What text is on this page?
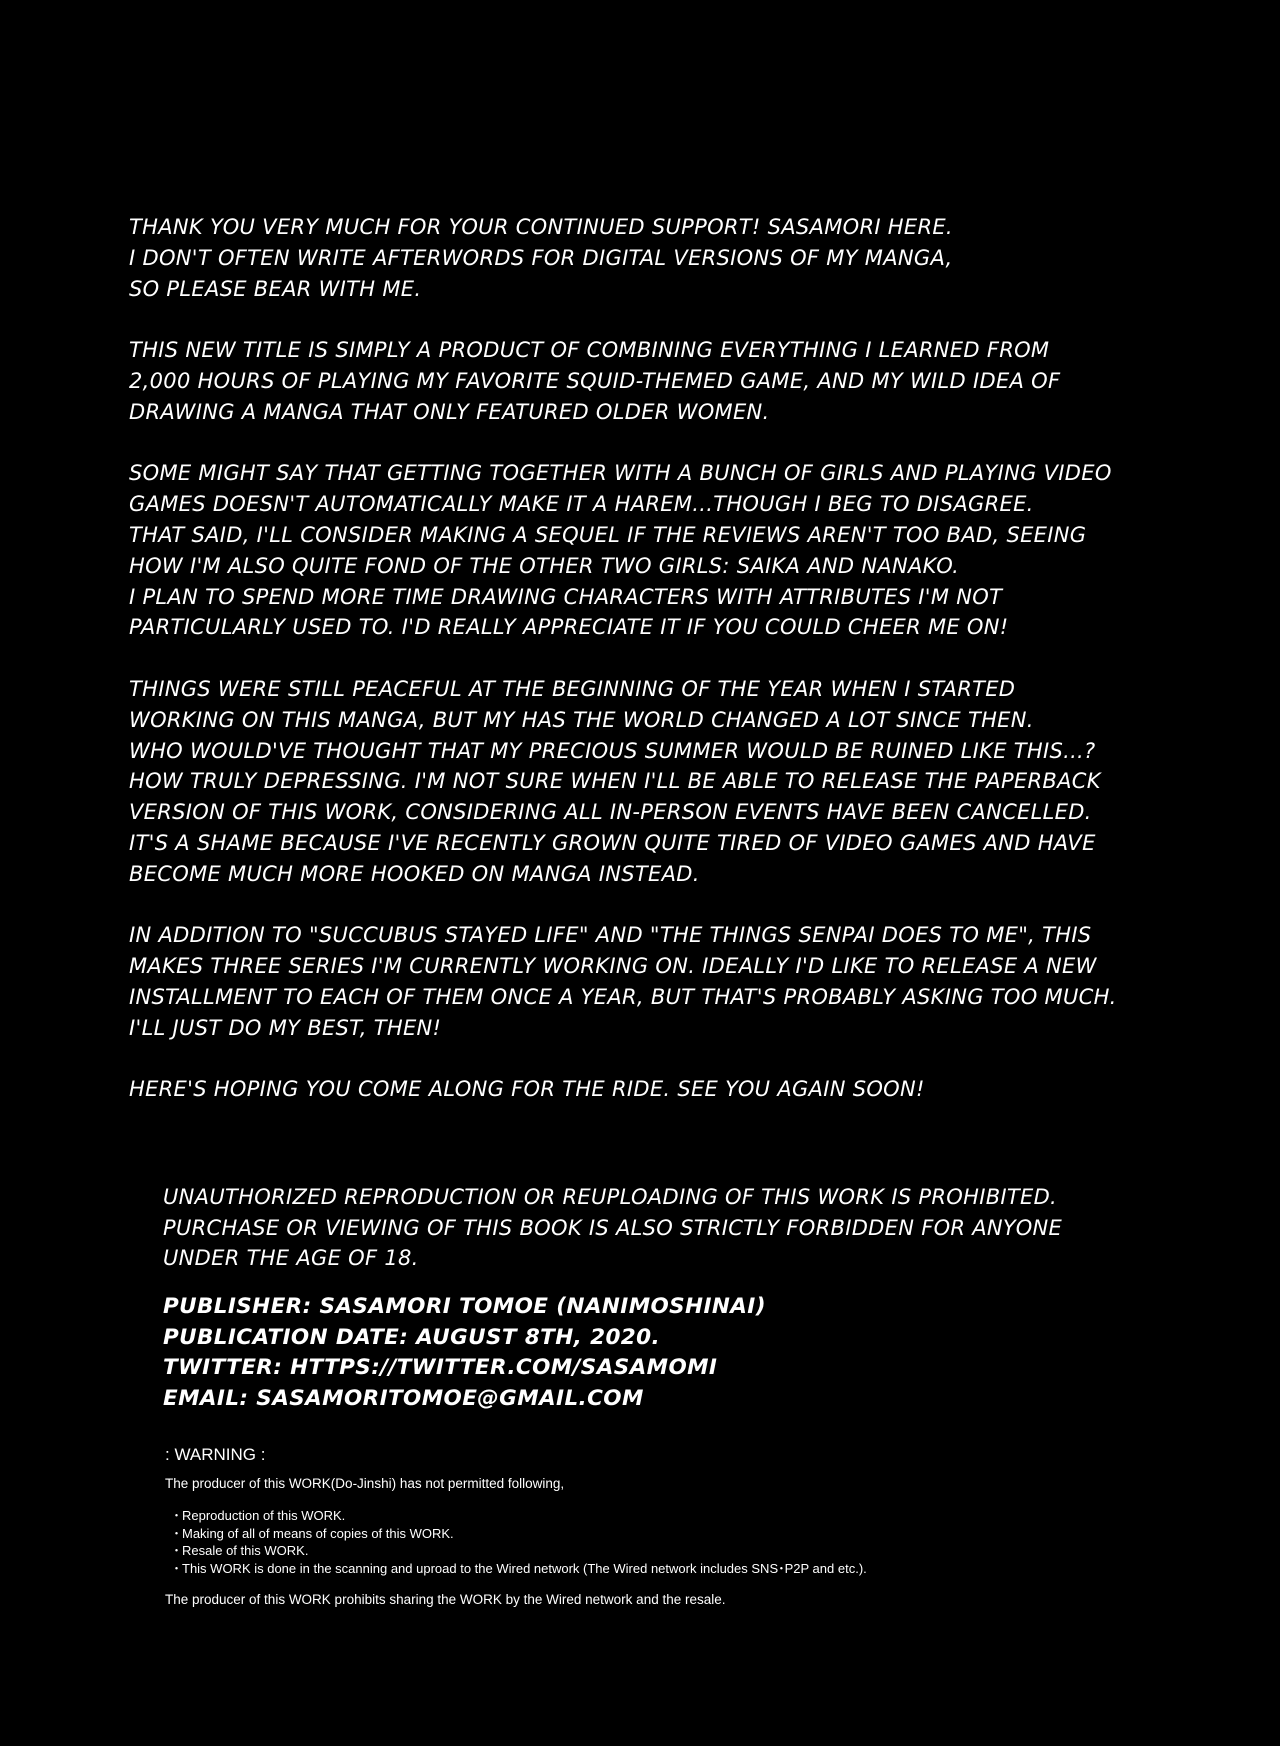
THANK YOU VERY MUCH FOR YOUR CONTINUED SUPPORT! SASAMORI HERE.
I DON'T OFTEN WRITE AFTERWORDS FOR DIGITAL VERSIONS OF MY MANGA,
SO PLEASE BEAR WITH ME.
THIS NEW TITLE IS SIMPLY A PRODUCT OF COMBINING EVERYTHING I LEARNED FROM
2,000 HOURS OF PLAYING MY FAVORITE SQUID-THEMED GAME, AND MY WILD IDEA OF
DRAWING A MANGA THAT ONLY FEATURED OLDER WOMEN.
SOME MIGHT SAY THAT GETTING TOGETHER WITH A BUNCH OF GIRLS AND PLAYING VIDEO
GAMES DOESN'T AUTOMATICALLY MAKE IT A HAREM...THOUGH I BEG TO DISAGREE.
THAT SAID, I'LL CONSIDER MAKING A SEQUEL IF THE REVIEWS AREN'T TOO BAD, SEEING
HOW I'M ALSO QUITE FOND OF THE OTHER TWO GIRLS: SAIKA AND NANAKO.
I PLAN TO SPEND MORE TIME DRAWING CHARACTERS WITH ATTRIBUTES I'M NOT
PARTICULARLY USED TO. I'D REALLY APPRECIATE IT IF YOU COULD CHEER ME ON!
THINGS WERE STILL PEACEFUL AT THE BEGINNING OF THE YEAR WHEN I STARTED
WORKING ON THIS MANGA, BUT MY HAS THE WORLD CHANGED A LOT SINCE THEN.
WHO WOULD'VE THOUGHT THAT MY PRECIOUS SUMMER WOULD BE RUINED LIKE THIS...?
HOW TRULY DEPRESSING. I'M NOT SURE WHEN I'LL BE ABLE TO RELEASE THE PAPERBACK
VERSION OF THIS WORK, CONSIDERING ALL IN-PERSON EVENTS HAVE BEEN CANCELLED.
IT'S A SHAME BECAUSE I'VE RECENTLY GROWN QUITE TIRED OF VIDEO GAMES AND HAVE
BECOME MUCH MORE HOOKED ON MANGA INSTEAD.
IN ADDITION TO "SUCCUBUS STAYED LIFE" AND "THE THINGS SENPAI DOES TO ME", THIS
MAKES THREE SERIES I'M CURRENTLY WORKING ON. IDEALLY I'D LIKE TO RELEASE A NEW
INSTALLMENT TO EACH OF THEM ONCE A YEAR, BUT THAT'S PROBABLY ASKING TOO MUCH.
I'LL JUST DO MY BEST, THEN!
HERE'S HOPING YOU COME ALONG FOR THE RIDE. SEE YOU AGAIN SOON!
UNAUTHORIZED REPRODUCTION OR REUPLOADING OF THIS WORK IS PROHIBITED.
PURCHASE OR VIEWING OF THIS BOOK IS ALSO STRICTLY FORBIDDEN FOR ANYONE
UNDER THE AGE OF 18.
PUBLISHER: SASAMORI TOMOE (NANIMOSHINAI)
PUBLICATION DATE: AUGUST 8TH, 2020.
TWITTER: HTTPS://TWITTER.COM/SASAMOMI
EMAIL: SASAMORITOMOE@GMAIL.COM
: WARNING :
The producer of this WORK(Do-Jinshi) has not permitted following,
・Reproduction of this WORK.
・Making of all of means of copies of this WORK.
・Resale of this WORK.
・This WORK is done in the scanning and uproad to the Wired network (The Wired network includes SNS･P2P and etc.).
The producer of this WORK prohibits sharing the WORK by the Wired network and the resale.
